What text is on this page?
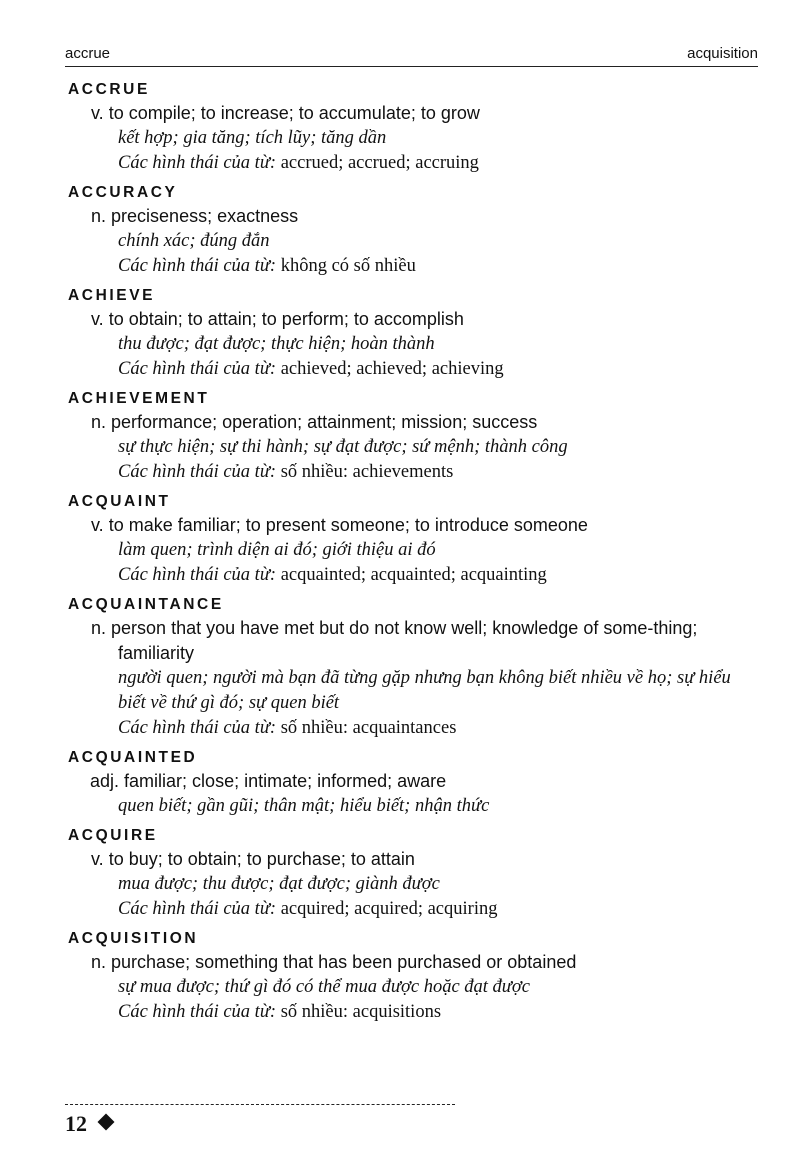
accrue	acquisition
ACCRUE
v. to compile; to increase; to accumulate; to grow
kết hợp; gia tăng; tích lũy; tăng dần
Các hình thái của từ: accrued; accrued; accruing
ACCURACY
n. preciseness; exactness
chính xác; đúng đắn
Các hình thái của từ: không có số nhiều
ACHIEVE
v. to obtain; to attain; to perform; to accomplish
thu được; đạt được; thực hiện; hoàn thành
Các hình thái của từ: achieved; achieved; achieving
ACHIEVEMENT
n. performance; operation; attainment; mission; success
sự thực hiện; sự thi hành; sự đạt được; sứ mệnh; thành công
Các hình thái của từ: số nhiều: achievements
ACQUAINT
v. to make familiar; to present someone; to introduce someone
làm quen; trình diện ai đó; giới thiệu ai đó
Các hình thái của từ: acquainted; acquainted; acquainting
ACQUAINTANCE
n. person that you have met but do not know well; knowledge of some-thing; familiarity
người quen; người mà bạn đã từng gặp nhưng bạn không biết nhiều về họ; sự hiểu biết về thứ gì đó; sự quen biết
Các hình thái của từ: số nhiều: acquaintances
ACQUAINTED
adj. familiar; close; intimate; informed; aware
quen biết; gần gũi; thân mật; hiểu biết; nhận thức
ACQUIRE
v. to buy; to obtain; to purchase; to attain
mua được; thu được; đạt được; giành được
Các hình thái của từ: acquired; acquired; acquiring
ACQUISITION
n. purchase; something that has been purchased or obtained
sự mua được; thứ gì đó có thể mua được hoặc đạt được
Các hình thái của từ: số nhiều: acquisitions
12
